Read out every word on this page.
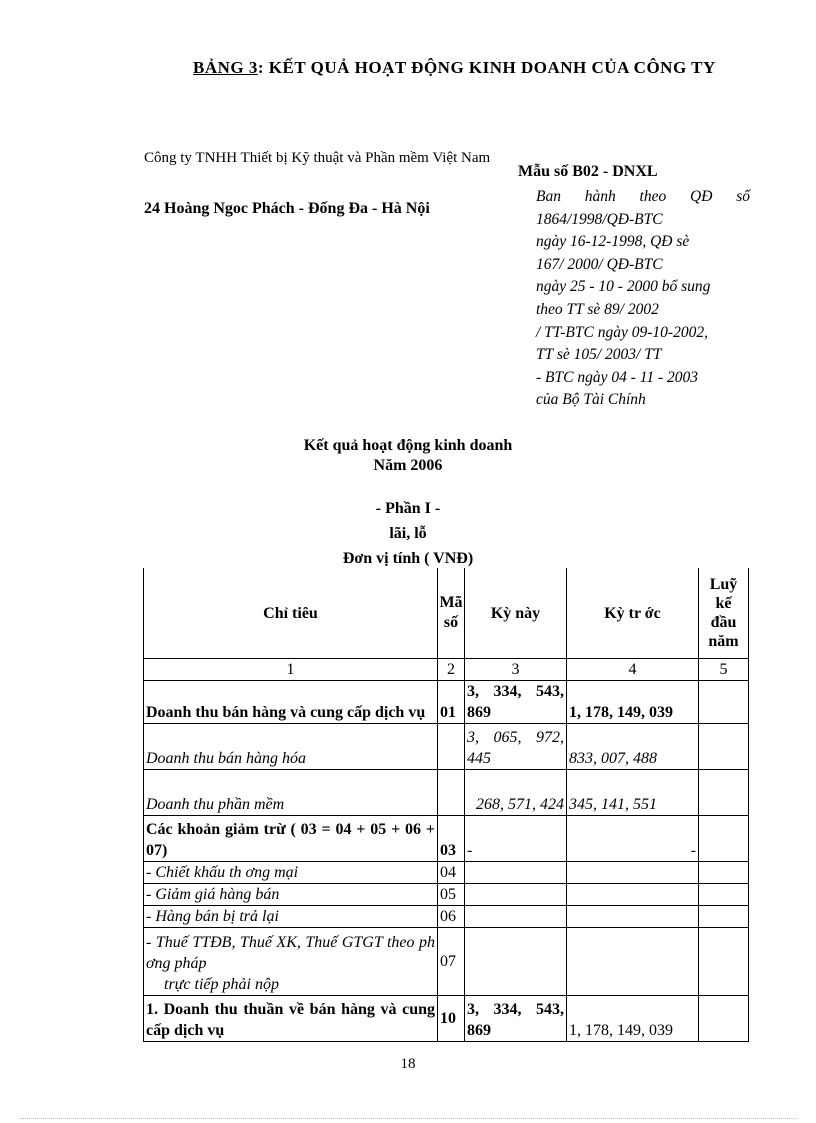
BẢNG 3: KẾT QUẢ HOẠT ĐỘNG KINH DOANH CỦA CÔNG TY
Công ty TNHH Thiết bị Kỹ thuật và Phần mềm Việt Nam
24 Hoàng Ngoc Phách - Đống Đa - Hà Nội
Mẫu số B02 - DNXL
Ban hành theo QĐ số 1864/1998/QĐ-BTC
ngày 16-12-1998, QĐ sè
167/ 2000/ QĐ-BTC
ngày 25 - 10 - 2000 bổ sung
theo TT sè 89/ 2002
/ TT-BTC ngày 09-10-2002,
TT sè 105/ 2003/ TT
- BTC ngày 04 - 11 - 2003
của Bộ Tài Chính
Kết quả hoạt động kinh doanh
Năm 2006
- Phần I -
lãi, lỗ
Đơn vị tính ( VNĐ)
Chỉ tiêu	Mã số	Kỳ này	Kỳ tr ớc	Luỹ kế đầu năm
1	2	3	4	5
Doanh thu bán hàng và cung cấp dịch vụ	01	3, 334, 543, 869	1, 178, 149, 039	
Doanh thu bán hàng hóa		3, 065, 972, 445	833, 007, 488	
Doanh thu phần mềm		268, 571, 424	345, 141, 551	
Các khoản giảm trừ ( 03 = 04 + 05 + 06 + 07)	03	-	-	
- Chiết khấu th ơng mại	04			
- Giảm giá hàng bán	05			
- Hàng bán bị trả lại	06			

- Thuế TTĐB, Thuế XK, Thuế GTGT theo ph ơng pháp
trực tiếp phải nộp	07			
1. Doanh thu thuần về bán hàng và cung cấp dịch vụ	10	3, 334, 543, 869	1, 178, 149, 039	
18
